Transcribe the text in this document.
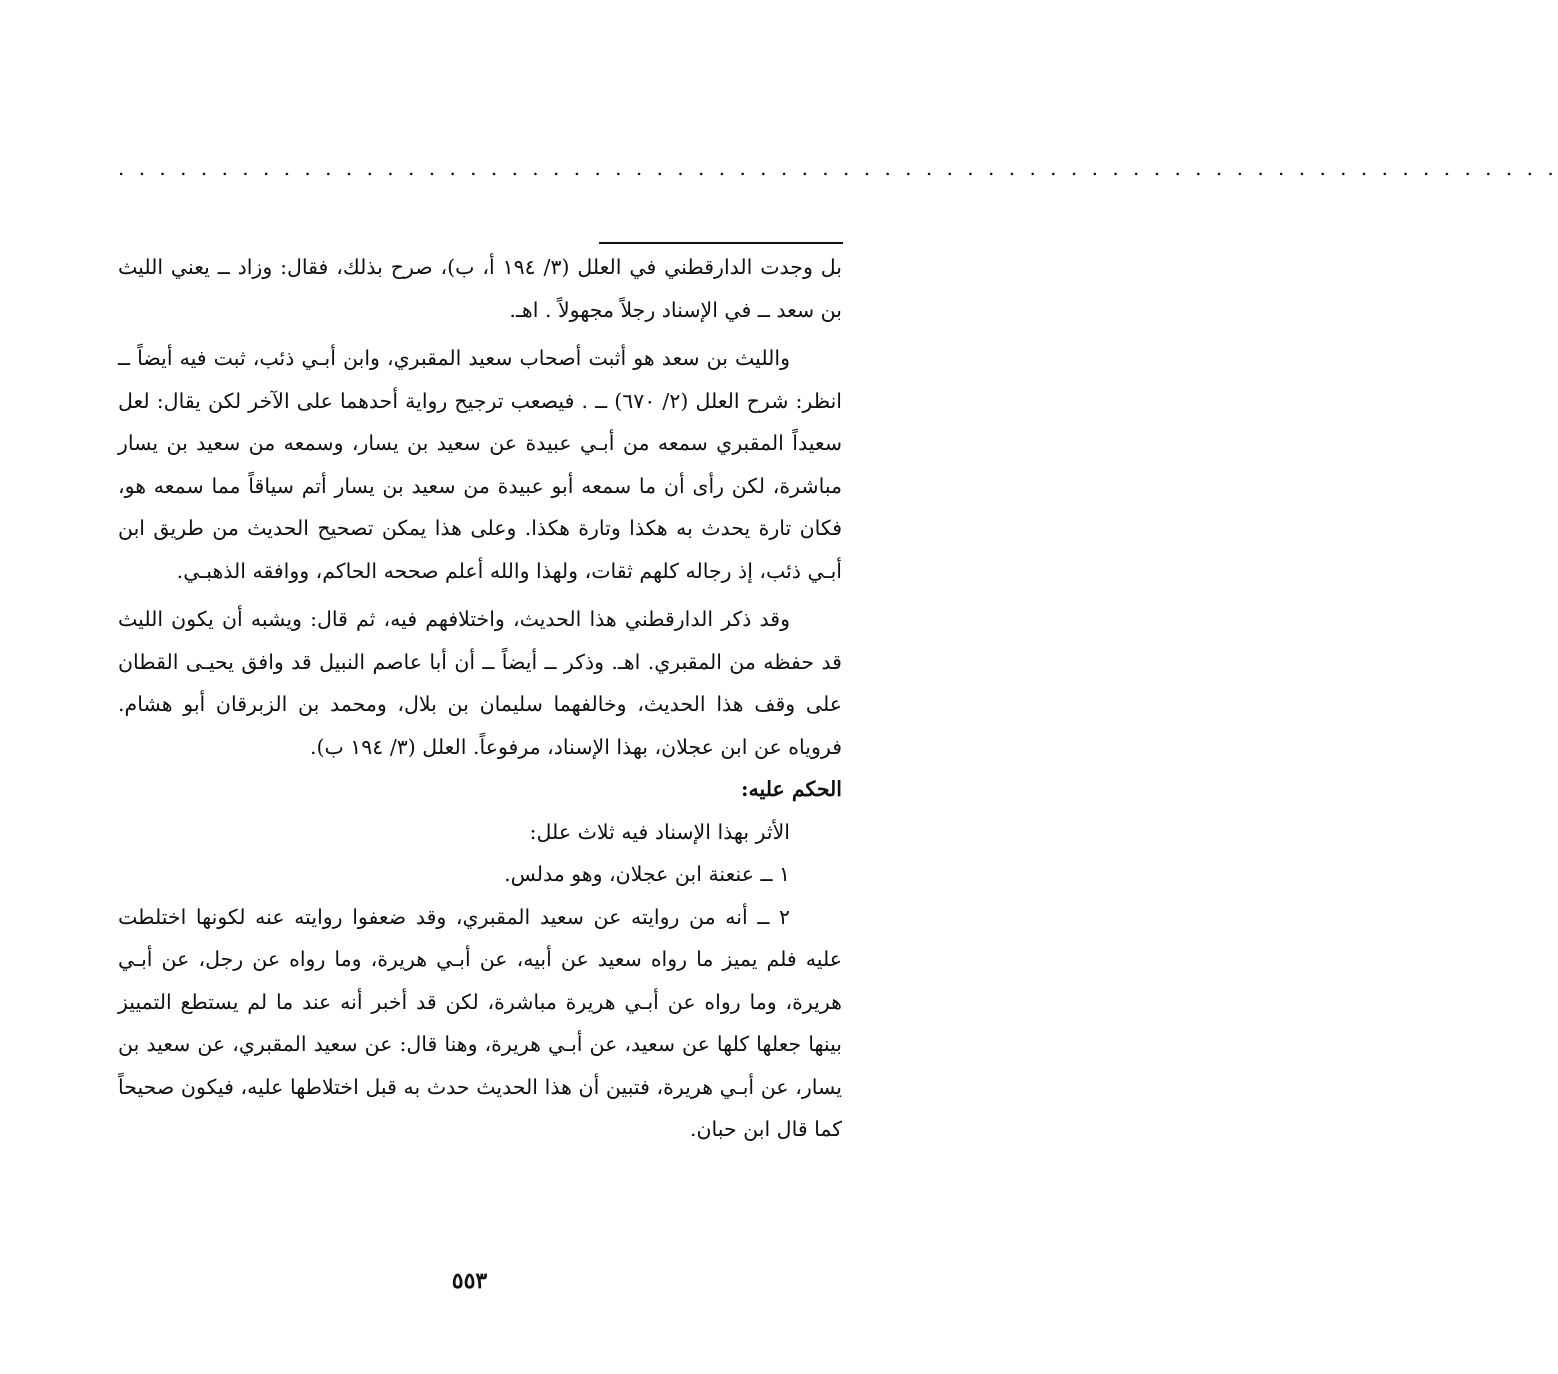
. . . . . . . . . . . . . . . . . . . . . . . . . . . . . . . . . . . . . . . . . . . . . . . . . . . . . . . . . . . . . . . . . . . . . .

بل وجدت الدارقطني في العلل (٣/ ١٩٤ أ، ب)، صرح بذلك، فقال: وزاد ــ يعني الليث بن سعد ــ في الإسناد رجلاً مجهولاً . اهـ.

والليث بن سعد هو أثبت أصحاب سعيد المقبري، وابن أبـي ذئب، ثبت فيه أيضاً ــ انظر: شرح العلل (٢/ ٦٧٠) ــ . فيصعب ترجيح رواية أحدهما على الآخر لكن يقال: لعل سعيداً المقبري سمعه من أبـي عبيدة عن سعيد بن يسار، وسمعه من سعيد بن يسار مباشرة، لكن رأى أن ما سمعه أبو عبيدة من سعيد بن يسار أتم سياقاً مما سمعه هو، فكان تارة يحدث به هكذا وتارة هكذا. وعلى هذا يمكن تصحيح الحديث من طريق ابن أبـي ذئب، إذ رجاله كلهم ثقات، ولهذا والله أعلم صححه الحاكم، ووافقه الذهبـي.

وقد ذكر الدارقطني هذا الحديث، واختلافهم فيه، ثم قال: ويشبه أن يكون الليث قد حفظه من المقبري. اهـ. وذكر ــ أيضاً ــ أن أبا عاصم النبيل قد وافق يحيـى القطان على وقف هذا الحديث، وخالفهما سليمان بن بلال، ومحمد بن الزبرقان أبو هشام. فروياه عن ابن عجلان، بهذا الإسناد، مرفوعاً. العلل (٣/ ١٩٤ ب).

الحكم عليه:

الأثر بهذا الإسناد فيه ثلاث علل:

١ ــ عنعنة ابن عجلان، وهو مدلس.

٢ ــ أنه من روايته عن سعيد المقبري، وقد ضعفوا روايته عنه لكونها اختلطت عليه فلم يميز ما رواه سعيد عن أبيه، عن أبـي هريرة، وما رواه عن رجل، عن أبـي هريرة، وما رواه عن أبـي هريرة مباشرة، لكن قد أخبر أنه عند ما لم يستطع التمييز بينها جعلها كلها عن سعيد، عن أبـي هريرة، وهنا قال: عن سعيد المقبري، عن سعيد بن يسار، عن أبـي هريرة، فتبين أن هذا الحديث حدث به قبل اختلاطها عليه، فيكون صحيحاً كما قال ابن حبان.

٥٥٣
